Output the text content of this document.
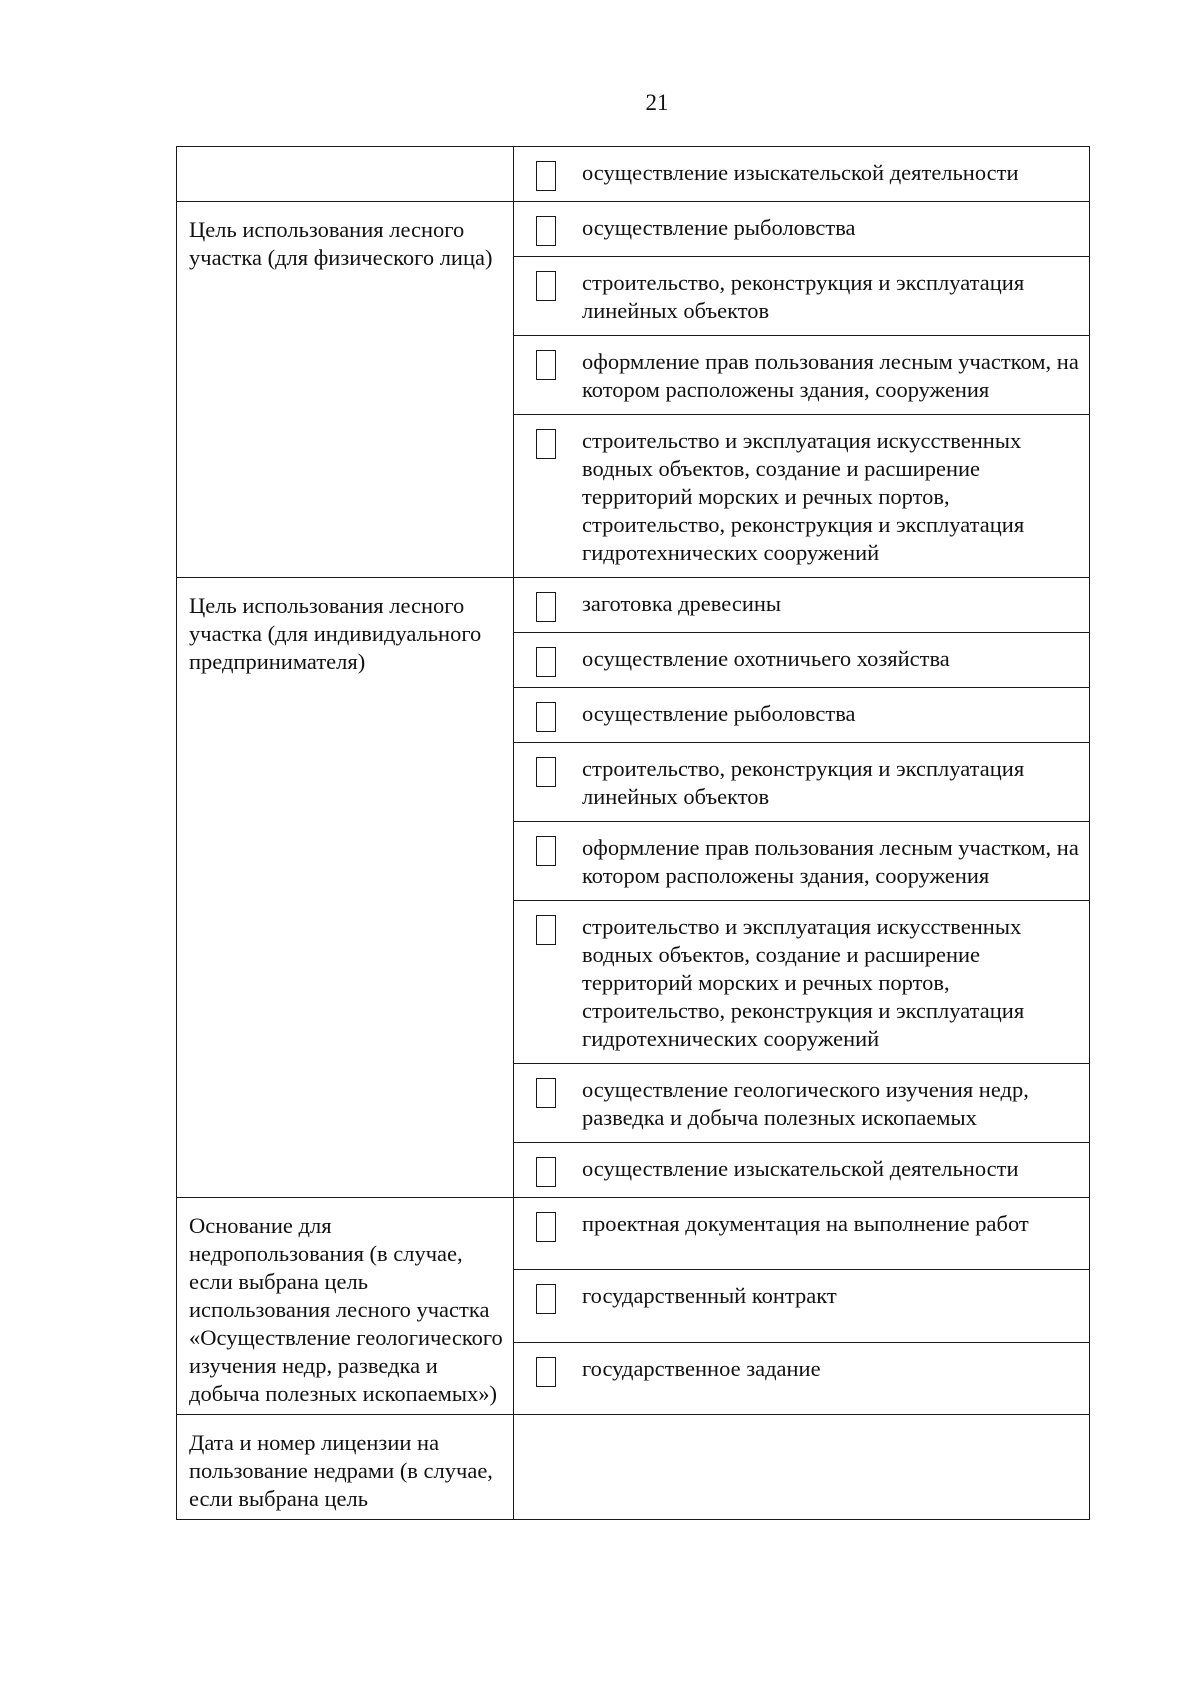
21

	осуществление изыскательской деятельности

Цель использования лесного участка (для физического лица)	осуществление рыболовства

	строительство, реконструкция и эксплуатация линейных объектов

	оформление прав пользования лесным участком, на котором расположены здания, сооружения

	строительство и эксплуатация искусственных водных объектов, создание и расширение территорий морских и речных портов, строительство, реконструкция и эксплуатация гидротехнических сооружений

Цель использования лесного участка (для индивидуального предпринимателя)	заготовка древесины

	осуществление охотничьего хозяйства

	осуществление рыболовства

	строительство, реконструкция и эксплуатация линейных объектов

	оформление прав пользования лесным участком, на котором расположены здания, сооружения

	строительство и эксплуатация искусственных водных объектов, создание и расширение территорий морских и речных портов, строительство, реконструкция и эксплуатация гидротехнических сооружений

	осуществление геологического изучения недр, разведка и добыча полезных ископаемых

	осуществление изыскательской деятельности

Основание для недропользования (в случае, если выбрана цель использования лесного участка «Осуществление геологического изучения недр, разведка и добыча полезных ископаемых»)	проектная документация на выполнение работ

	государственный контракт

	государственное задание

Дата и номер лицензии на пользование недрами (в случае, если выбрана цель	
